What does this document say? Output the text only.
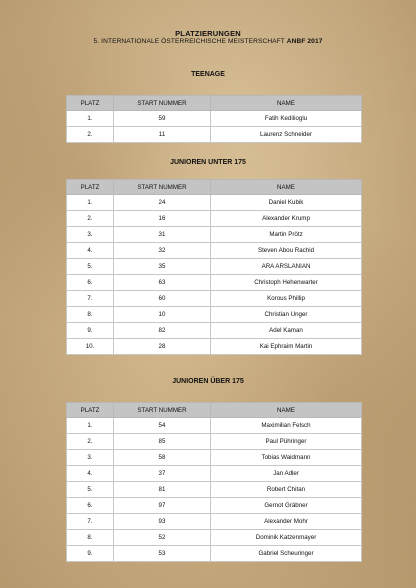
PLATZIERUNGEN
5. INTERNATIONALE ÖSTERREICHISCHE MEISTERSCHAFT ANBF 2017
TEENAGE
PLATZ	START NUMMER	NAME
1.	59	Fatih Kedilioglu
2.	11	Laurenz Schneider
JUNIOREN UNTER 175
PLATZ	START NUMMER	NAME
1.	24	Daniel Kubik
2.	16	Alexander Krump
3.	31	Martin Prötz
4.	32	Steven Abou Rachid
5.	35	ARA ARSLANIAN
6.	63	Christoph Hehenwarter
7.	60	Korous Phillip
8.	10	Christian Unger
9.	82	Adel Kaman
10.	28	Kai Ephraim Martin
JUNIOREN ÜBER 175
PLATZ	START NUMMER	NAME
1.	54	Maximilian Felsch
2.	85	Paul Pühringer
3.	58	Tobias Waidmann
4.	37	Jan Adler
5.	81	Robert Chitan
6.	97	Gernot Gräbner
7.	93	Alexander Mohr
8.	52	Dominik Katzenmayer
9.	53	Gabriel Scheuringer
